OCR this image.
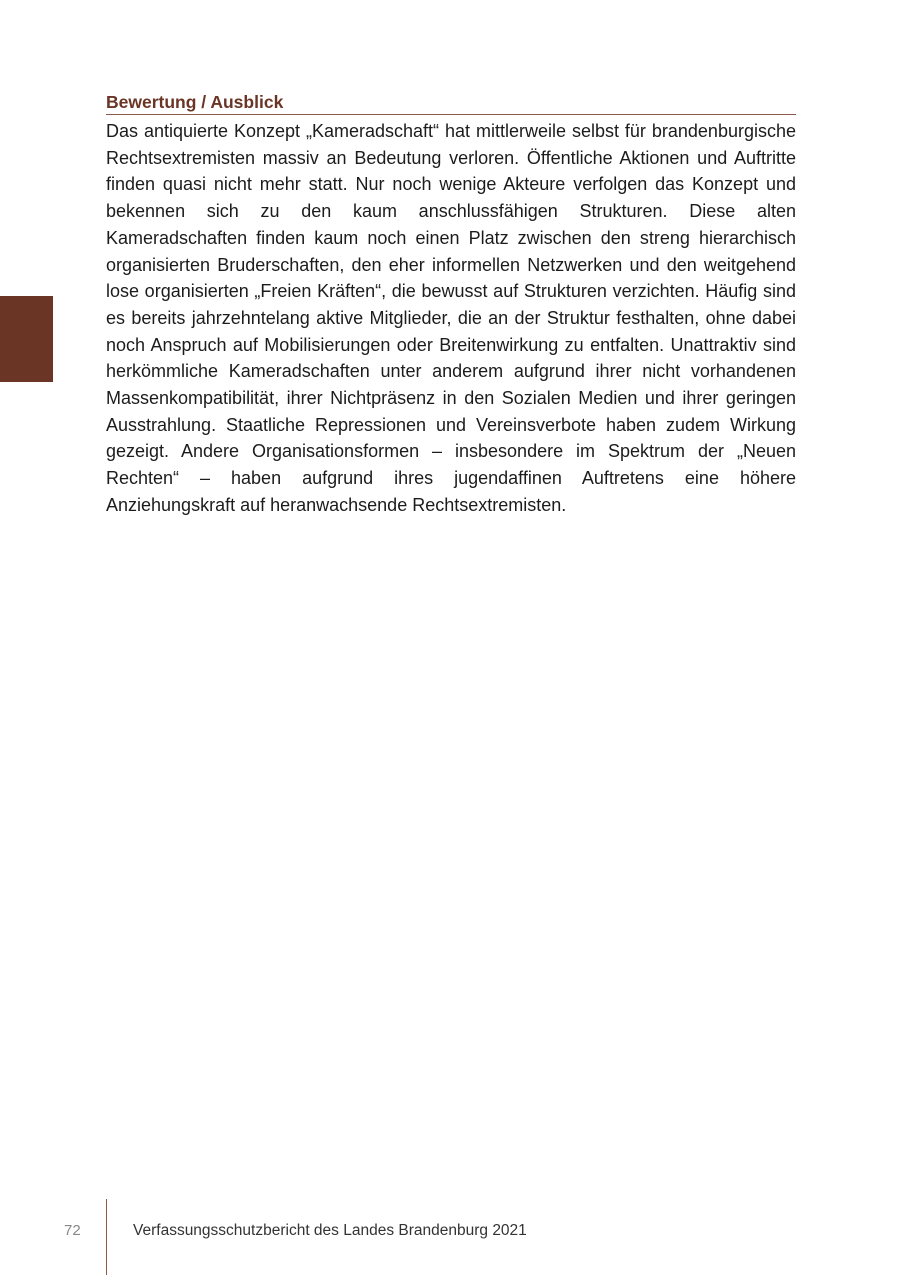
Bewertung / Ausblick

Das antiquierte Konzept „Kameradschaft“ hat mittlerweile selbst für brandenburgische Rechtsextremisten massiv an Bedeutung verloren. Öffentliche Aktionen und Auftritte finden quasi nicht mehr statt. Nur noch wenige Akteure verfolgen das Konzept und bekennen sich zu den kaum anschlussfähigen Strukturen. Diese alten Kameradschaften finden kaum noch einen Platz zwischen den streng hierarchisch organisierten Bruderschaften, den eher informellen Netzwerken und den weitgehend lose organisierten „Freien Kräften“, die bewusst auf Strukturen verzichten. Häufig sind es bereits jahrzehntelang aktive Mitglieder, die an der Struktur festhalten, ohne dabei noch Anspruch auf Mobilisierungen oder Breitenwirkung zu entfalten. Unattraktiv sind herkömmliche Kameradschaften unter anderem aufgrund ihrer nicht vorhandenen Massenkompatibilität, ihrer Nichtpräsenz in den Sozialen Medien und ihrer geringen Ausstrahlung. Staatliche Repressionen und Vereinsverbote haben zudem Wirkung gezeigt. Andere Organisationsformen – insbesondere im Spektrum der „Neuen Rechten“ – haben aufgrund ihres jugendaffinen Auftretens eine höhere Anziehungskraft auf heranwachsende Rechtsextremisten.

72	Verfassungsschutzbericht des Landes Brandenburg 2021
